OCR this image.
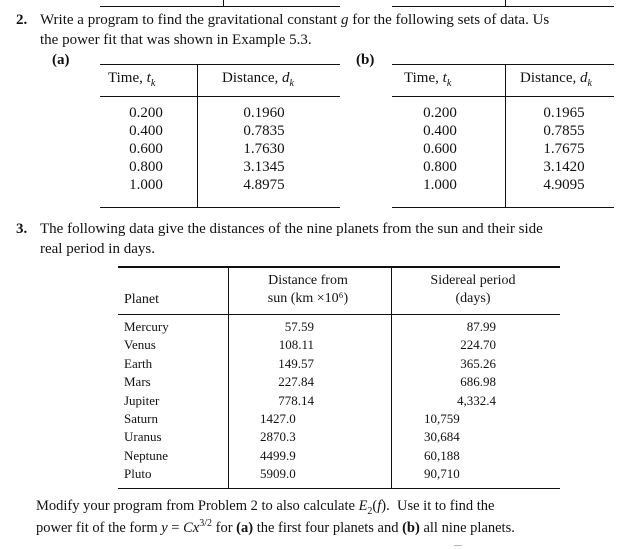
2. Write a program to find the gravitational constant g for the following sets of data. Us
the power fit that was shown in Example 5.3.
(a)
Time, $t_k$	Distance, $d_k$
0.200
0.400
0.600
0.800
1.000
0.1960
0.7835
1.7630
3.1345
4.8975
(b)
Time, $t_k$	Distance, $d_k$
0.200
0.400
0.600
0.800
1.000
0.1965
0.7855
1.7675
3.1420
4.9095
3. The following data give the distances of the nine planets from the sun and their side
real period in days.
Planet
Distance from
sun (km ×10⁶)
Sidereal period
(days)
Mercury
Venus
Earth
Mars
Jupiter
Saturn
Uranus
Neptune
Pluto
57.59
108.11
149.57
227.84
778.14
1427.0
2870.3
4499.9
5909.0
87.99
224.70
365.26
686.98
4,332.4
10,759
30,684
60,188
90,710
Modify your program from Problem 2 to also calculate $E_2(f)$.  Use it to find the
power fit of the form $y = Cx^{3/2}$ for (a) the first four planets and (b) all nine planets.
—
